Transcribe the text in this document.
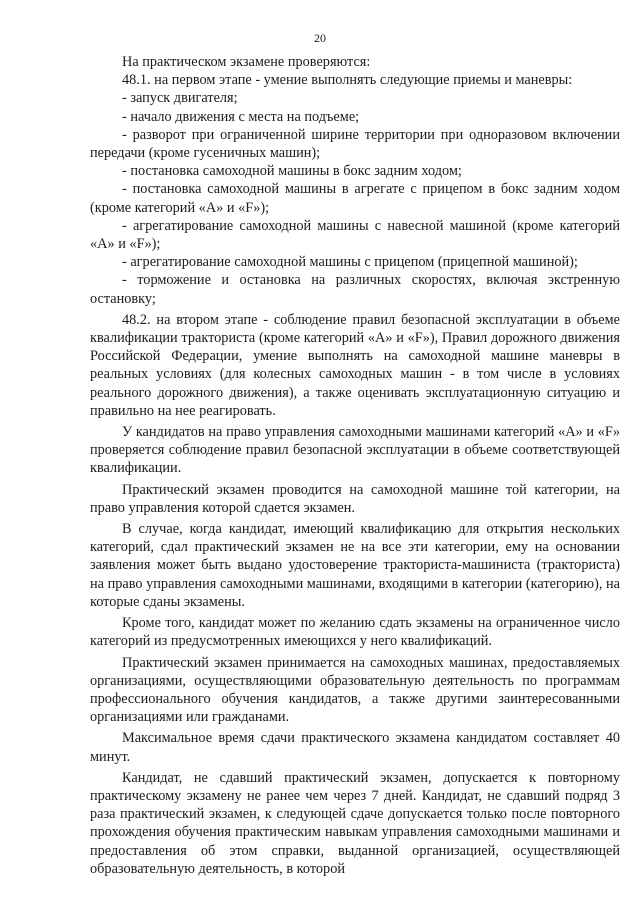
20

На практическом экзамене проверяются:

48.1. на первом этапе - умение выполнять следующие приемы и маневры:

- запуск двигателя;

- начало движения с места на подъеме;

- разворот при ограниченной ширине территории при одноразовом включении передачи (кроме гусеничных машин);

- постановка самоходной машины в бокс задним ходом;

- постановка самоходной машины в агрегате с прицепом в бокс задним ходом (кроме категорий «А» и «F»);

- агрегатирование самоходной машины с навесной машиной (кроме категорий «А» и «F»);

- агрегатирование самоходной машины с прицепом (прицепной машиной);

- торможение и остановка на различных скоростях, включая экстренную остановку;

48.2. на втором этапе - соблюдение правил безопасной эксплуатации в объеме квалификации тракториста (кроме категорий «А» и «F»), Правил дорожного движения Российской Федерации, умение выполнять на самоходной машине маневры в реальных условиях (для колесных самоходных машин - в том числе в условиях реального дорожного движения), а также оценивать эксплуатационную ситуацию и правильно на нее реагировать.

У кандидатов на право управления самоходными машинами категорий «А» и «F» проверяется соблюдение правил безопасной эксплуатации в объеме соответствующей квалификации.

Практический экзамен проводится на самоходной машине той категории, на право управления которой сдается экзамен.

В случае, когда кандидат, имеющий квалификацию для открытия нескольких категорий, сдал практический экзамен не на все эти категории, ему на основании заявления может быть выдано удостоверение тракториста-машиниста (тракториста) на право управления самоходными машинами, входящими в категории (категорию), на которые сданы экзамены.

Кроме того, кандидат может по желанию сдать экзамены на ограниченное число категорий из предусмотренных имеющихся у него квалификаций.

Практический экзамен принимается на самоходных машинах, предоставляемых организациями, осуществляющими образовательную деятельность по программам профессионального обучения кандидатов, а также другими заинтересованными организациями или гражданами.

Максимальное время сдачи практического экзамена кандидатом составляет 40 минут.

Кандидат, не сдавший практический экзамен, допускается к повторному практическому экзамену не ранее чем через 7 дней. Кандидат, не сдавший подряд 3 раза практический экзамен, к следующей сдаче допускается только после повторного прохождения обучения практическим навыкам управления самоходными машинами и предоставления об этом справки, выданной организацией, осуществляющей образовательную деятельность, в которой
